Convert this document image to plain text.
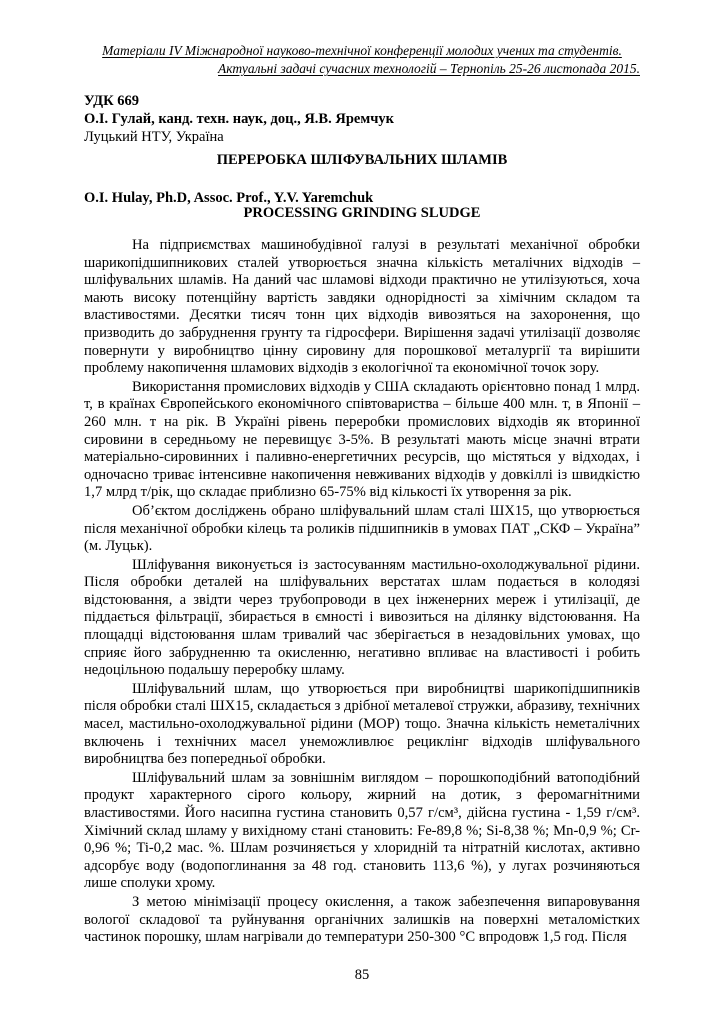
Матеріали IV Міжнародної науково-технічної конференції молодих учених та студентів.
Актуальні задачі сучасних технологій – Тернопіль 25-26 листопада 2015.
УДК 669
О.І. Гулай, канд. техн. наук, доц., Я.В. Яремчук
Луцький НТУ, Україна
ПЕРЕРОБКА ШЛІФУВАЛЬНИХ ШЛАМІВ
O.I. Hulay, Ph.D, Assoc. Prof., Y.V. Yaremchuk
PROCESSING GRINDING SLUDGE

На підприємствах машинобудівної галузі в результаті механічної обробки шарикопідшипникових сталей утворюється значна кількість металічних відходів – шліфувальних шламів. На даний час шламові відходи практично не утилізуються, хоча мають високу потенційну вартість завдяки однорідності за хімічним складом та властивостями. Десятки тисяч тонн цих відходів вивозяться на захоронення, що призводить до забруднення грунту та гідросфери. Вирішення задачі утилізації дозволяє повернути у виробництво цінну сировину для порошкової металургії та вирішити проблему накопичення шламових відходів з екологічної та економічної точок зору.

Використання промислових відходів у США складають орієнтовно понад 1 млрд. т, в країнах Європейського економічного співтовариства – більше 400 млн. т, в Японії – 260 млн. т на рік. В Україні рівень переробки промислових відходів як вторинної сировини в середньому не перевищує 3-5%. В результаті мають місце значні втрати матеріально-сировинних і паливно-енергетичних ресурсів, що містяться у відходах, і одночасно триває інтенсивне накопичення невживаних відходів у довкіллі із швидкістю 1,7 млрд т/рік, що складає приблизно 65-75% від кількості їх утворення за рік.

Об’єктом досліджень обрано шліфувальний шлам сталі ШХ15, що утворюється після механічної обробки кілець та роликів підшипників в умовах ПАТ „СКФ – Україна” (м. Луцьк).

Шліфування виконується із застосуванням мастильно-охолоджувальної рідини. Після обробки деталей на шліфувальних верстатах шлам подається в колодязі відстоювання, а звідти через трубопроводи в цех інженерних мереж і утилізації, де піддається фільтрації, збирається в ємності і вивозиться на ділянку відстоювання. На площадці відстоювання шлам тривалий час зберігається в незадовільних умовах, що сприяє його забрудненню та окисленню, негативно впливає на властивості і робить недоцільною подальшу переробку шламу.

Шліфувальний шлам, що утворюється при виробництві шарикопідшипників після обробки сталі ШХ15, складається з дрібної металевої стружки, абразиву, технічних масел, мастильно-охолоджувальної рідини (МОР) тощо. Значна кількість неметалічних включень і технічних масел унеможливлює рециклінг відходів шліфувального виробництва без попередньої обробки.

Шліфувальний шлам за зовнішнім виглядом – порошкоподібний ватоподібний продукт характерного сірого кольору, жирний на дотик, з феромагнітними властивостями. Його насипна густина становить 0,57 г/см³, дійсна густина - 1,59 г/см³. Хімічний склад шламу у вихідному стані становить: Fe-89,8 %; Si-8,38 %; Mn-0,9 %; Cr-0,96 %; Ti-0,2 мас. %. Шлам розчиняється у хлоридній та нітратній кислотах, активно адсорбує воду (водопоглинання за 48 год. становить 113,6 %), у лугах розчиняються лише сполуки хрому.

З метою мінімізації процесу окислення, а також забезпечення випаровування вологої складової та руйнування органічних залишків на поверхні металомістких частинок порошку, шлам нагрівали до температури 250-300 °С впродовж 1,5 год. Після

85
